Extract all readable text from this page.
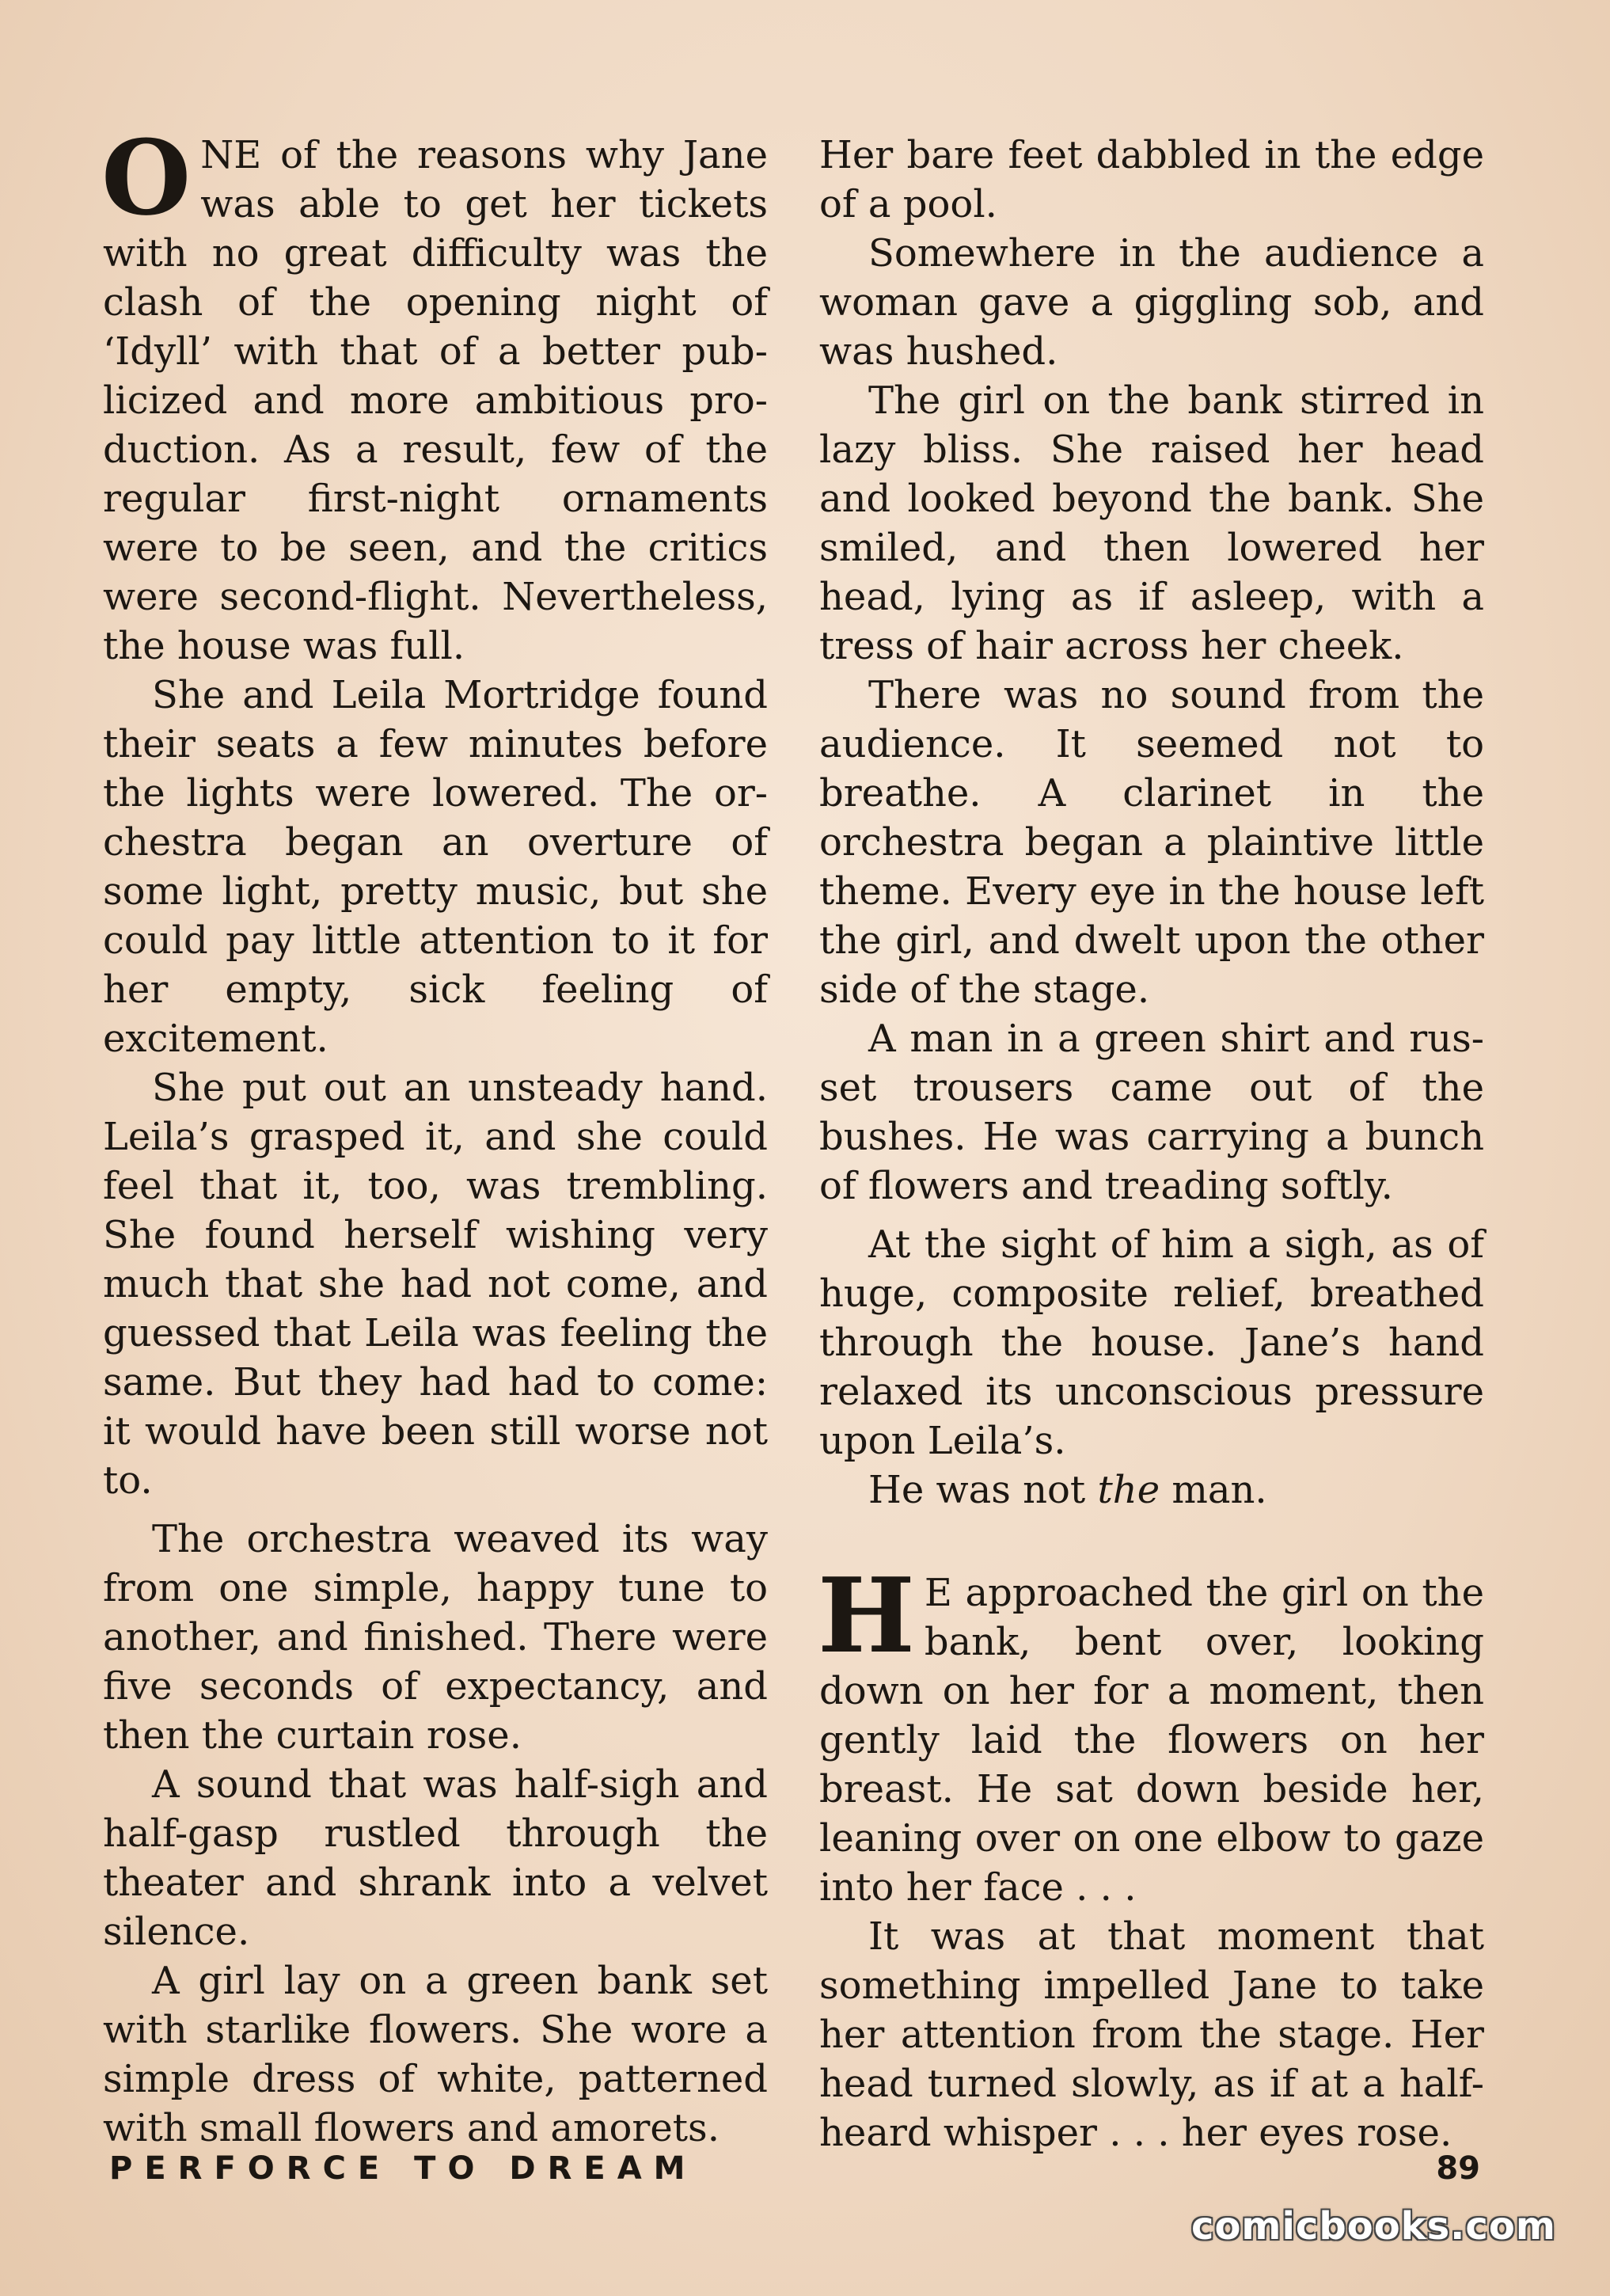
ONE of the reasons why Jane was able to get her tickets with no great difficulty was the clash of the opening night of ‘Idyll’ with that of a better publicized and more ambitious production. As a result, few of the regular first-night ornaments were to be seen, and the critics were second-flight. Nevertheless, the house was full.

She and Leila Mortridge found their seats a few minutes before the lights were lowered. The orchestra began an overture of some light, pretty music, but she could pay little attention to it for her empty, sick feeling of excitement.

She put out an unsteady hand. Leila’s grasped it, and she could feel that it, too, was trembling. She found herself wishing very much that she had not come, and guessed that Leila was feeling the same. But they had had to come: it would have been still worse not to.

The orchestra weaved its way from one simple, happy tune to another, and finished. There were five seconds of expectancy, and then the curtain rose.

A sound that was half-sigh and half-gasp rustled through the theater and shrank into a velvet silence.

A girl lay on a green bank set with starlike flowers. She wore a simple dress of white, patterned with small flowers and amorets.

Her bare feet dabbled in the edge of a pool.

Somewhere in the audience a woman gave a giggling sob, and was hushed.

The girl on the bank stirred in lazy bliss. She raised her head and looked beyond the bank. She smiled, and then lowered her head, lying as if asleep, with a tress of hair across her cheek.

There was no sound from the audience. It seemed not to breathe. A clarinet in the orchestra began a plaintive little theme. Every eye in the house left the girl, and dwelt upon the other side of the stage.

A man in a green shirt and russet trousers came out of the bushes. He was carrying a bunch of flowers and treading softly.

At the sight of him a sigh, as of huge, composite relief, breathed through the house. Jane’s hand relaxed its unconscious pressure upon Leila’s.

He was not the man.

H E approached the girl on the bank, bent over, looking down on her for a moment, then gently laid the flowers on her breast. He sat down beside her, leaning over on one elbow to gaze into her face . . .

It was at that moment that something impelled Jane to take her attention from the stage. Her head turned slowly, as if at a half-heard whisper . . . her eyes rose.

PERFORCE TO DREAM	89
comicbooks.com
